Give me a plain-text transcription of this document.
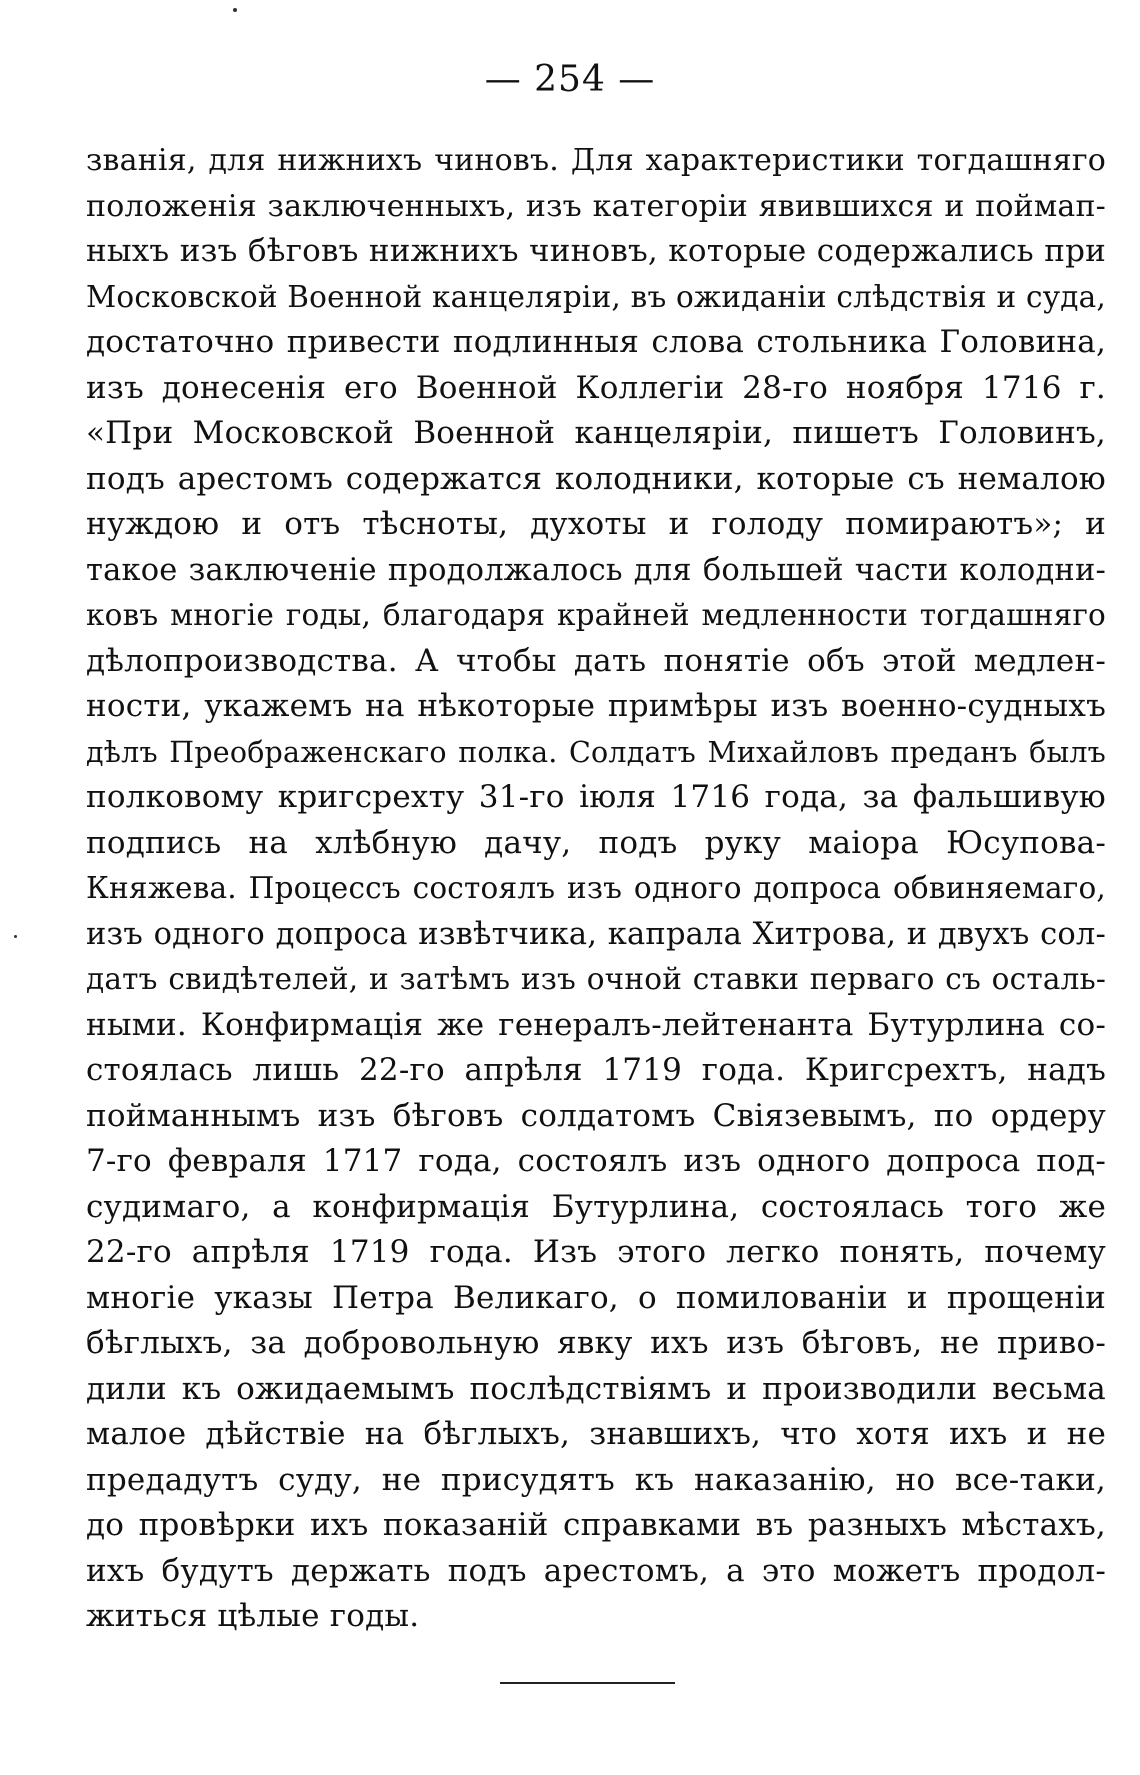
— 254 —
званія, для нижнихъ чиновъ. Для характеристики тогдашняго
положенія заключенныхъ, изъ категоріи явившихся и поймап-
ныхъ изъ бѣговъ нижнихъ чиновъ, которые содержались при
Московской Военной канцеляріи, въ ожиданіи слѣдствія и суда,
достаточно привести подлинныя слова стольника Головина,
изъ донесенія его Военной Коллегіи 28-го ноября 1716 г.
«При Московской Военной канцеляріи, пишетъ Головинъ,
подъ арестомъ содержатся колодники, которые съ немалою
нуждою и отъ тѣсноты, духоты и голоду помираютъ»; и
такое заключеніе продолжалось для большей части колодни-
ковъ многіе годы, благодаря крайней медленности тогдашняго
дѣлопроизводства. А чтобы дать понятіе объ этой медлен-
ности, укажемъ на нѣкоторые примѣры изъ военно-судныхъ
дѣлъ Преображенскаго полка. Солдатъ Михайловъ преданъ былъ
полковому кригсрехту 31-го іюля 1716 года, за фальшивую
подпись на хлѣбную дачу, подъ руку маіора Юсупова-
Княжева. Процессъ состоялъ изъ одного допроса обвиняемаго,
изъ одного допроса извѣтчика, капрала Хитрова, и двухъ сол-
датъ свидѣтелей, и затѣмъ изъ очной ставки перваго съ осталь-
ными. Конфирмація же генералъ-лейтенанта Бутурлина со-
стоялась лишь 22-го апрѣля 1719 года. Кригсрехтъ, надъ
пойманнымъ изъ бѣговъ солдатомъ Свіязевымъ, по ордеру
7-го февраля 1717 года, состоялъ изъ одного допроса под-
судимаго, а конфирмація Бутурлина, состоялась того же
22-го апрѣля 1719 года. Изъ этого легко понять, почему
многіе указы Петра Великаго, о помилованіи и прощеніи
бѣглыхъ, за добровольную явку ихъ изъ бѣговъ, не приво-
дили къ ожидаемымъ послѣдствіямъ и производили весьма
малое дѣйствіе на бѣглыхъ, знавшихъ, что хотя ихъ и не
предадутъ суду, не присудятъ къ наказанію, но все-таки,
до провѣрки ихъ показаній справками въ разныхъ мѣстахъ,
ихъ будутъ держать подъ арестомъ, а это можетъ продол-
житься цѣлые годы.
